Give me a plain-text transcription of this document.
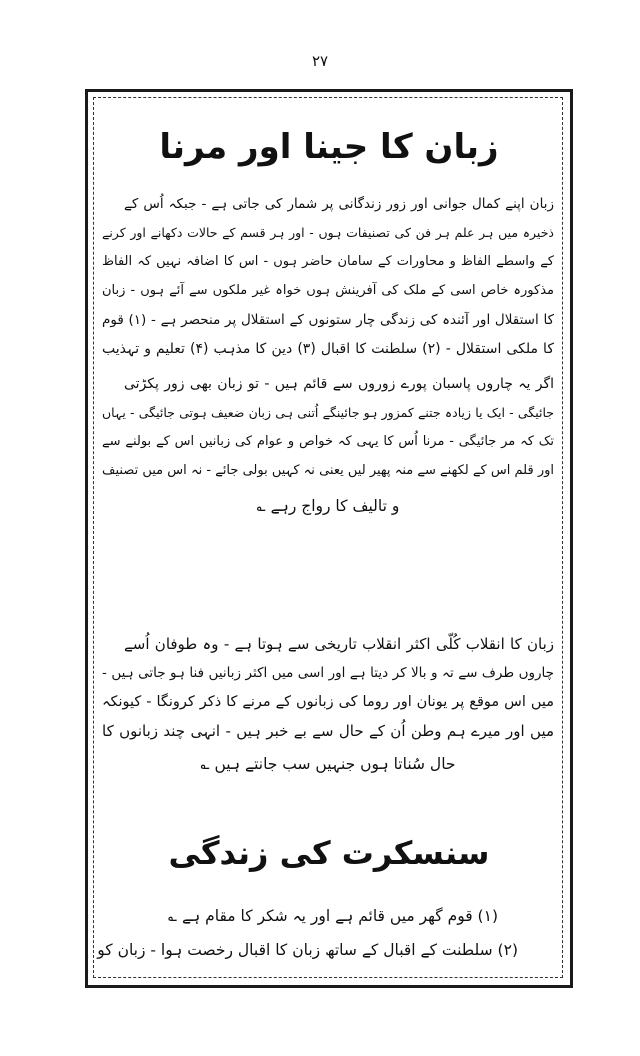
۲۷
زبان کا جینا اور مرنا
زبان اپنے کمال جوانی اور زور زندگانی پر شمار کی جاتی ہے - جبکہ اُس کے
ذخیرہ میں ہر علم ہر فن کی تصنیفات ہوں - اور ہر قسم کے حالات دکھانے اور کرنے
کے واسطے الفاظ و محاورات کے سامان حاضر ہوں - اس کا اضافہ نہیں کہ الفاظ
مذکورہ خاص اسی کے ملک کی آفرینش ہوں خواہ غیر ملکوں سے آئے ہوں - زبان
کا استقلال اور آئندہ کی زندگی چار ستونوں کے استقلال پر منحصر ہے - (۱) قوم
کا ملکی استقلال - (۲) سلطنت کا اقبال (۳) دین کا مذہب (۴) تعلیم و تہذیب
اگر یہ چاروں پاسبان پورے زوروں سے قائم ہیں - تو زبان بھی زور پکڑتی
جائیگی - ایک یا زیادہ جتنے کمزور ہو جائینگے اُتنی ہی زبان ضعیف ہوتی جائیگی - یہاں
تک کہ مر جائیگی - مرنا اُس کا یہی کہ خواص و عوام کی زبانیں اس کے بولنے سے
اور قلم اس کے لکھنے سے منہ پھیر لیں یعنی نہ کہیں بولی جائے - نہ اس میں تصنیف
و تالیف کا رواج رہے ؎
زبان کا انقلاب کُلّی اکثر انقلاب تاریخی سے ہوتا ہے - وہ طوفان اُسے
چاروں طرف سے تہ و بالا کر دیتا ہے اور اسی میں اکثر زبانیں فنا ہو جاتی ہیں -
میں اس موقع پر یونان اور روما کی زبانوں کے مرنے کا ذکر کرونگا - کیونکہ
میں اور میرے ہم وطن اُن کے حال سے بے خبر ہیں - انہی چند زبانوں کا
حال سُناتا ہوں جنہیں سب جانتے ہیں ؎
سنسکرت کی زندگی
(۱) قوم گھر میں قائم ہے اور یہ شکر کا مقام ہے ؎
(۲) سلطنت کے اقبال کے ساتھ زبان کا اقبال رخصت ہوا - زبان کو
